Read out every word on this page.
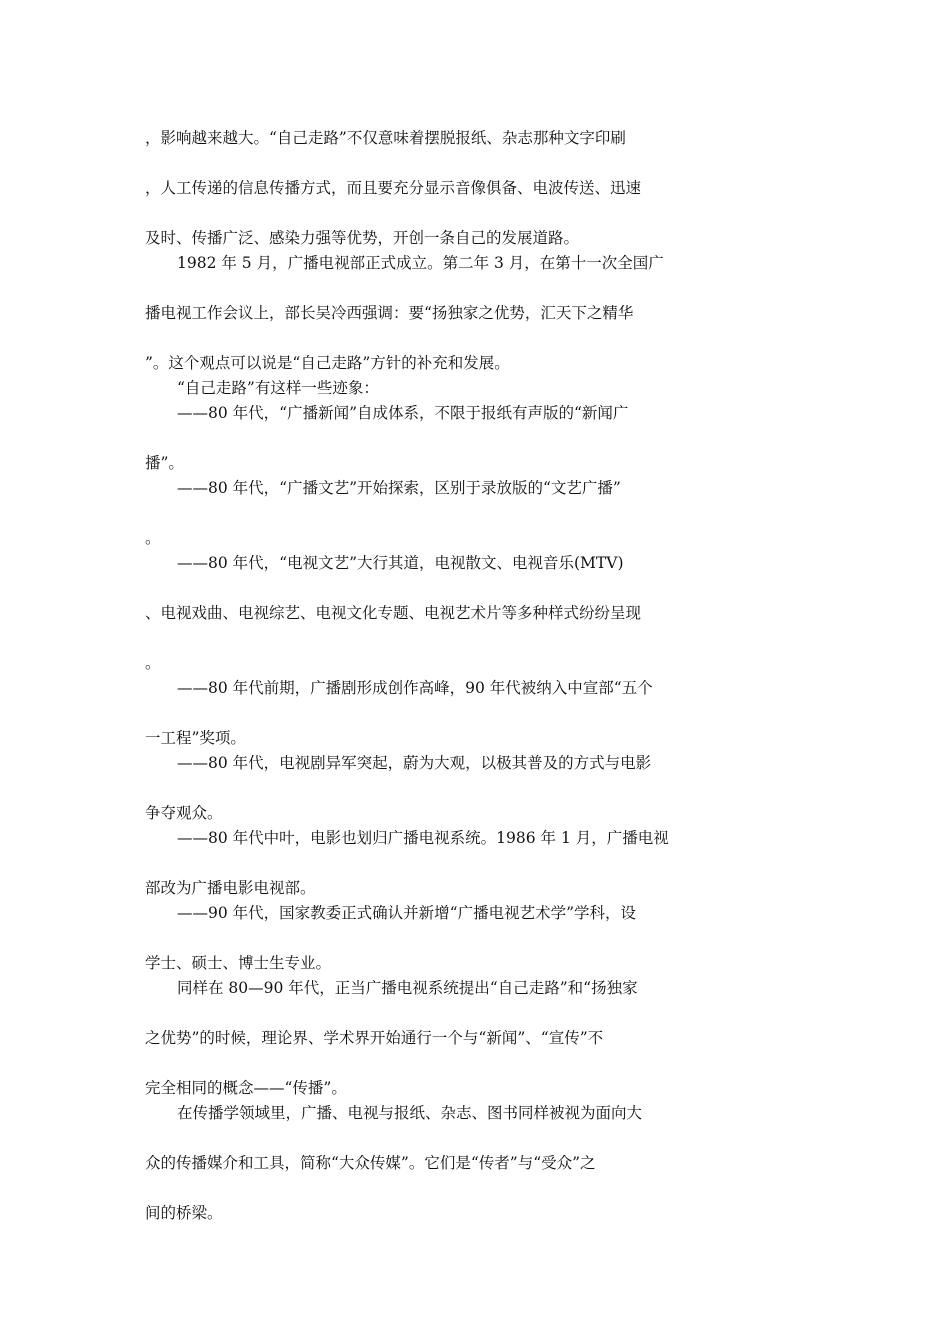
，影响越来越大。“自己走路”不仅意味着摆脱报纸、杂志那种文字印刷
，人工传递的信息传播方式，而且要充分显示音像俱备、电波传送、迅速
及时、传播广泛、感染力强等优势，开创一条自己的发展道路。
1982 年 5 月，广播电视部正式成立。第二年 3 月，在第十一次全国广
播电视工作会议上，部长吴冷西强调：要“扬独家之优势，汇天下之精华
”。这个观点可以说是“自己走路”方针的补充和发展。
“自己走路”有这样一些迹象：
——80 年代，“广播新闻”自成体系，不限于报纸有声版的“新闻广
播”。
——80 年代，“广播文艺”开始探索，区别于录放版的“文艺广播”
。
——80 年代，“电视文艺”大行其道，电视散文、电视音乐(MTV)
、电视戏曲、电视综艺、电视文化专题、电视艺术片等多种样式纷纷呈现
。
——80 年代前期，广播剧形成创作高峰，90 年代被纳入中宣部“五个
一工程”奖项。
——80 年代，电视剧异军突起，蔚为大观，以极其普及的方式与电影
争夺观众。
——80 年代中叶，电影也划归广播电视系统。1986 年 1 月，广播电视
部改为广播电影电视部。
——90 年代，国家教委正式确认并新增“广播电视艺术学”学科，设
学士、硕士、博士生专业。
同样在 80—90 年代，正当广播电视系统提出“自己走路”和“扬独家
之优势”的时候，理论界、学术界开始通行一个与“新闻”、“宣传”不
完全相同的概念——“传播”。
在传播学领域里，广播、电视与报纸、杂志、图书同样被视为面向大
众的传播媒介和工具，简称“大众传媒”。它们是“传者”与“受众”之
间的桥梁。
